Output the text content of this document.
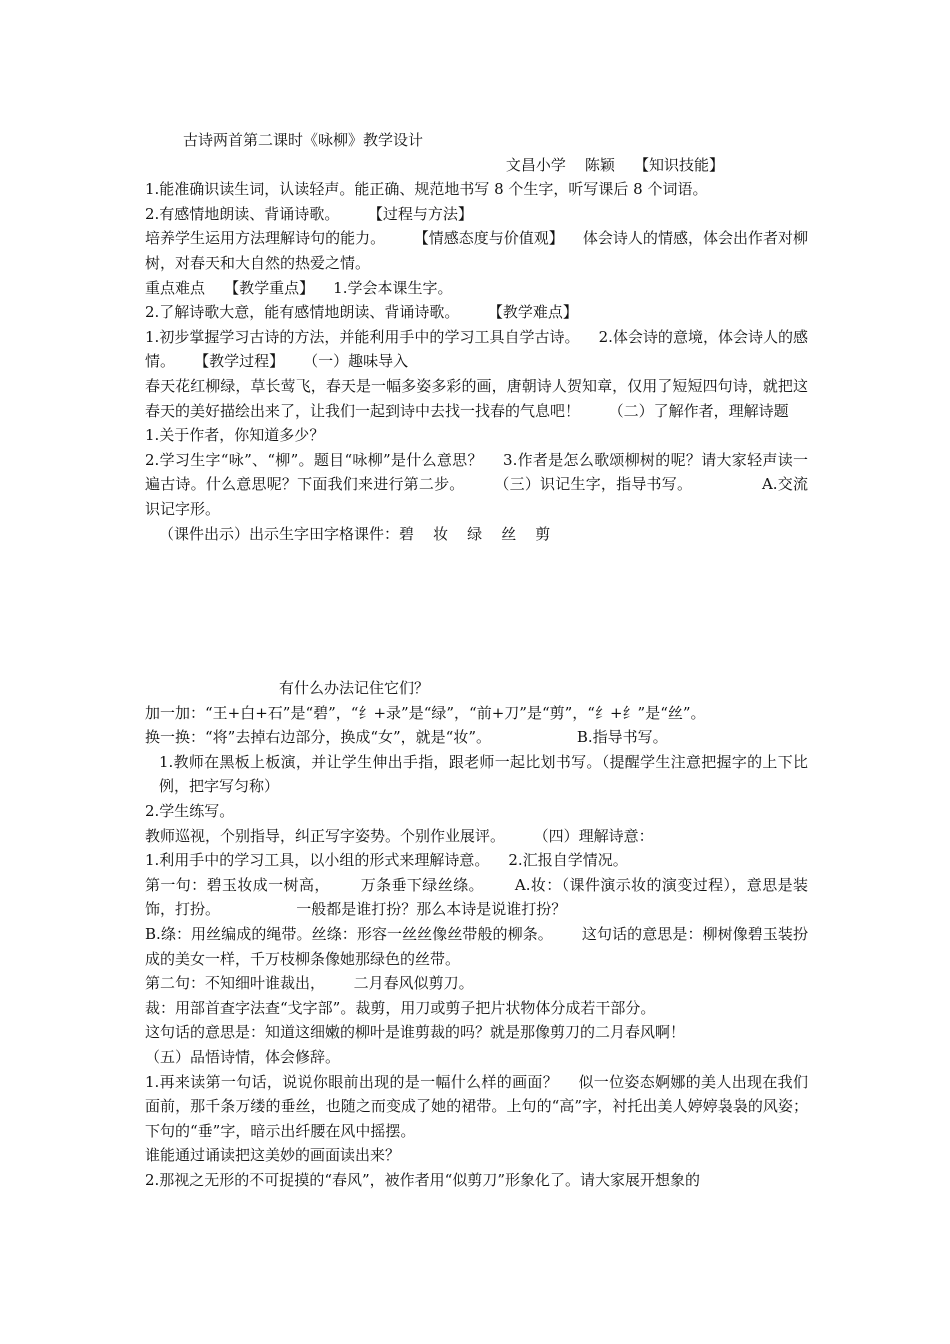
古诗两首第二课时《咏柳》教学设计

文昌小学    陈颖    【知识技能】

1.能准确识读生词，认读轻声。能正确、规范地书写 8 个生字，听写课后 8 个词语。

2.有感情地朗读、背诵诗歌。      【过程与方法】

培养学生运用方法理解诗句的能力。      【情感态度与价值观】    体会诗人的情感，体会出作者对柳树，对春天和大自然的热爱之情。

重点难点    【教学重点】    1.学会本课生字。

2.了解诗歌大意，能有感情地朗读、背诵诗歌。      【教学难点】

1.初步掌握学习古诗的方法，并能利用手中的学习工具自学古诗。    2.体会诗的意境，体会诗人的感情。    【教学过程】    （一）趣味导入

春天花红柳绿，草长莺飞，春天是一幅多姿多彩的画，唐朝诗人贺知章，仅用了短短四句诗，就把这春天的美好描绘出来了，让我们一起到诗中去找一找春的气息吧！      （二）了解作者，理解诗题

1.关于作者，你知道多少？

2.学习生字“咏”、“柳”。题目“咏柳”是什么意思？    3.作者是怎么歌颂柳树的呢？请大家轻声读一遍古诗。什么意思呢？下面我们来进行第二步。      （三）识记生字，指导书写。              A.交流识记字形。

（课件出示）出示生字田字格课件：碧    妆    绿    丝    剪

有什么办法记住它们？

加一加：“王+白+石”是“碧”，“纟+录”是“绿”，“前+刀”是“剪”，“纟+纟”是“丝”。

换一换：“将”去掉右边部分，换成“女”，就是“妆”。                  B.指导书写。

1.教师在黑板上板演，并让学生伸出手指，跟老师一起比划书写。（提醒学生注意把握字的上下比例，把字写匀称）

2.学生练写。

教师巡视，个别指导，纠正写字姿势。个别作业展评。      （四）理解诗意：

1.利用手中的学习工具，以小组的形式来理解诗意。    2.汇报自学情况。

第一句：碧玉妆成一树高，      万条垂下绿丝绦。      A.妆：（课件演示妆的演变过程），意思是装饰，打扮。                一般都是谁打扮？那么本诗是说谁打扮？

B.绦：用丝编成的绳带。丝绦：形容一丝丝像丝带般的柳条。      这句话的意思是：柳树像碧玉装扮成的美女一样，千万枝柳条像她那绿色的丝带。

第二句：不知细叶谁裁出，      二月春风似剪刀。

裁：用部首查字法查“戈字部”。裁剪，用刀或剪子把片状物体分成若干部分。

这句话的意思是：知道这细嫩的柳叶是谁剪裁的吗？就是那像剪刀的二月春风啊！

（五）品悟诗情，体会修辞。

1.再来读第一句话，说说你眼前出现的是一幅什么样的画面？    似一位姿态婀娜的美人出现在我们面前，那千条万缕的垂丝，也随之而变成了她的裙带。上句的“高”字，衬托出美人婷婷袅袅的风姿；下句的“垂”字，暗示出纤腰在风中摇摆。

谁能通过诵读把这美妙的画面读出来？

2.那视之无形的不可捉摸的“春风”，被作者用“似剪刀”形象化了。请大家展开想象的
